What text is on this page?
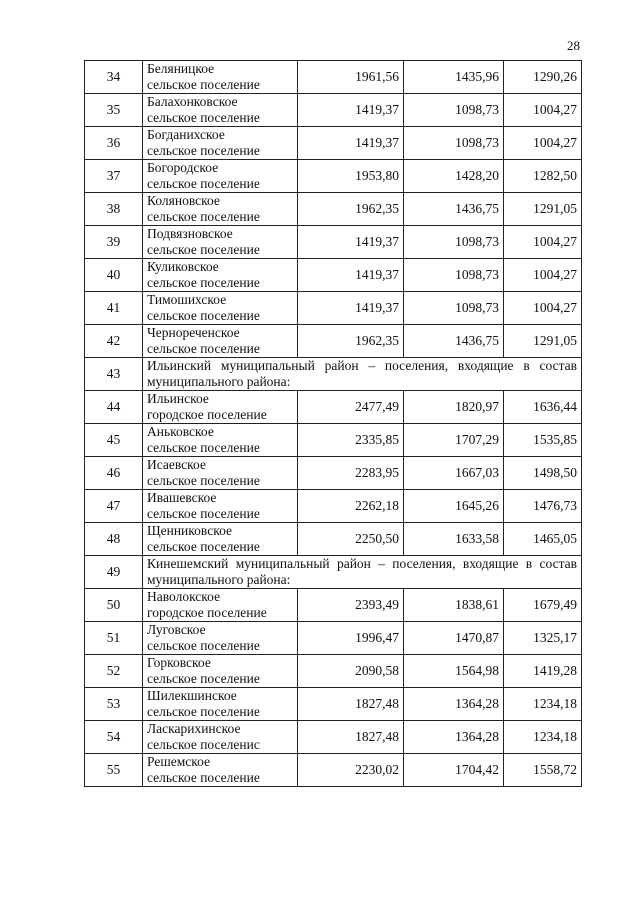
28
34	Беляницкое
сельское поселение	1961,56	1435,96	1290,26
35	Балахонковское
сельское поселение	1419,37	1098,73	1004,27
36	Богданихское
сельское поселение	1419,37	1098,73	1004,27
37	Богородское
сельское поселение	1953,80	1428,20	1282,50
38	Коляновское
сельское поселение	1962,35	1436,75	1291,05
39	Подвязновское
сельское поселение	1419,37	1098,73	1004,27
40	Куликовское
сельское поселение	1419,37	1098,73	1004,27
41	Тимошихское
сельское поселение	1419,37	1098,73	1004,27
42	Чернореченское
сельское поселение	1962,35	1436,75	1291,05
43	Ильинский муниципальный район – поселения, входящие в состав муниципального района:			
44	Ильинское
городское поселение	2477,49	1820,97	1636,44
45	Аньковское
сельское поселение	2335,85	1707,29	1535,85
46	Исаевское
сельское поселение	2283,95	1667,03	1498,50
47	Ивашевское
сельское поселение	2262,18	1645,26	1476,73
48	Щенниковское
сельское поселение	2250,50	1633,58	1465,05
49	Кинешемский муниципальный район – поселения, входящие в состав муниципального района:			
50	Наволокское
городское поселение	2393,49	1838,61	1679,49
51	Луговское
сельское поселение	1996,47	1470,87	1325,17
52	Горковское
сельское поселение	2090,58	1564,98	1419,28
53	Шилекшинское
сельское поселение	1827,48	1364,28	1234,18
54	Ласкарихинское
сельское поселенис	1827,48	1364,28	1234,18
55	Решемское
сельское поселение	2230,02	1704,42	1558,72
